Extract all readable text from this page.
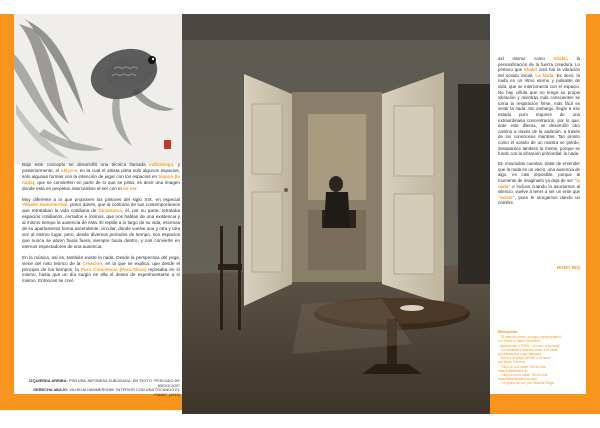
Bajo este concepto se desarrolló una técnica llamada sultsokaga, y posteriormente, el ukiyo-e, en la cual el artista pinta solo algunos espacios, sólo algunas formas con la intención de jugar con los espacios en blanco (la nada), que se convierten en parte de lo que se pinta, es decir una imagen donde está en perpetuo intercambio el ser con el no ser.

Muy diferente a lo que proponen los pintores del siglo XIX, en especial Vilhelm Hammershøi, pintor danés, que al contrario de sus contemporáneos que retrataban la vida cotidiana de Dinamarca, él, por su parte, retrataba espacios cotidianos, cerrados e íntimos, que nos hablan de una existencia y al mismo tiempo la ausencia de ésta. El reptile a lo largo de su vida, escenas de su apartamento forma ascendente, circular, donde vuelve una y otra y otra vez al mismo lugar, pero, desde diversos períodos de tiempo, son espacios que nunca se abren hacia fuera, siempre hacia dentro, y nos convierte en eternos espectadores de una ausencia.

En la música, así es, también existe la nada. Desde la perspectiva del yoga, viene del mito teórico de la Creación, en la que se explica, que desde el principio de los tiempos, la Pura Conciencia (Para-Shiva) reposaba en sí mismo, hasta que un día surgió en ella el deseo de experimentarse a sí mismo. Entonces se creó

IZQUIERDA ARRIBA: PINTURA JAPONESA SUBODAGA. EN TEXTO "PESCADO DE NEGOCIOS"
DERECHA ABAJO: VILHELM HAMMERSHØI "INTERIOR CON UNA TOCANDO EL PIANO" (1913)

así mismo como Shakti, la personificación de la fuerza creadora. Lo primero que Shakti creó fue la vibración del sonido inicial, La Nada. Es decir, la nada en un ritmo eterno y pulsante de vida, que se interconecta con el espacio. No hay célula que no tenga su propia vibración y mientras más conscientes se torna la respiración firme, más fácil es sentir la nada. Sin embargo, llegar a ese estado puro requiere de una extraordinaria concentración, por lo que, ante este dilema, se desarrolló otro camino a través de la audición, a través de los consciosos mantras. Tan pronto como el sonido de un mantra se pierde, desaparece también la mente, porque se funde con la vibración primordial: la nada.

En resumidas cuentas, tratar de entender que la nada es un vacío, una ausencia de algo, es casi imposible, porque al momento de imaginarlo ya deja de ser "la nada" e incluso cuando la asociamos al silencio, vuelve a tener a ser un ente que "existe", pues le otorgamos dando un nombre.

ROMY RIQ
Bibliografía:
- "El silencio como un logro contemplativo"
por Franz y Javier Etxeberri
- Aparejo del 4 PSRL. "el rumo a la nada"
- "La verdadera esencia crear a la nada"
por Alexandra Lugo Valencia
- Sonia y el juego del ser o la nada"
por Doris Cervera
- "Ukiyo-e o la nada" Sin la cola
www.jupiterbrave.jp
- "Ukiyo-e en la nada" Sin la cola
www.filmsoftucandos.com
- "Un grano de luz" por Marcos Mega
